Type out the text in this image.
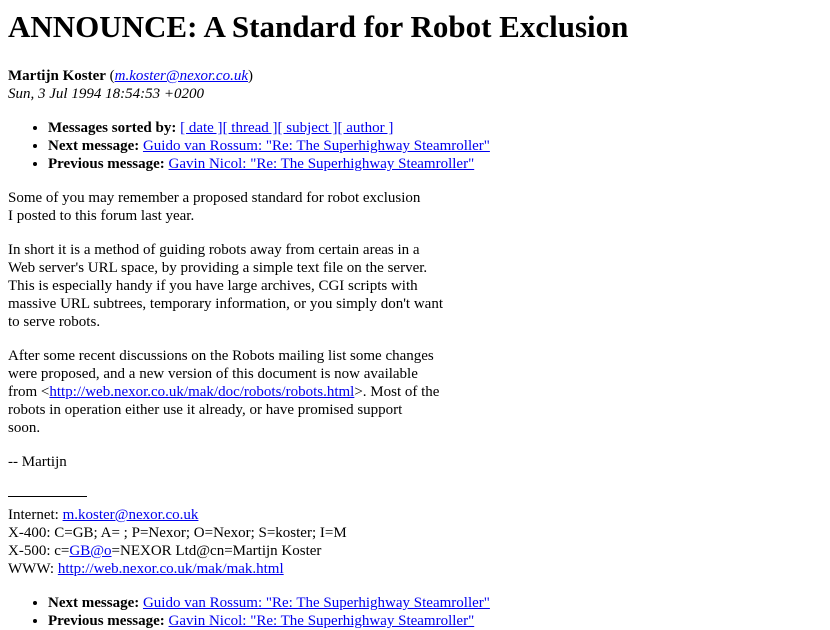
ANNOUNCE: A Standard for Robot Exclusion
Martijn Koster (m.koster@nexor.co.uk)
Sun, 3 Jul 1994 18:54:53 +0200
• Messages sorted by: [ date ][ thread ][ subject ][ author ]
• Next message: Guido van Rossum: "Re: The Superhighway Steamroller"
• Previous message: Gavin Nicol: "Re: The Superhighway Steamroller"

Some of you may remember a proposed standard for robot exclusion
I posted to this forum last year.

In short it is a method of guiding robots away from certain areas in a
Web server's URL space, by providing a simple text file on the server.
This is especially handy if you have large archives, CGI scripts with
massive URL subtrees, temporary information, or you simply don't want
to serve robots.

After some recent discussions on the Robots mailing list some changes
were proposed, and a new version of this document is now available
from <http://web.nexor.co.uk/mak/doc/robots/robots.html>. Most of the
robots in operation either use it already, or have promised support
soon.

-- Martijn

Internet: m.koster@nexor.co.uk
X-400: C=GB; A= ; P=Nexor; O=Nexor; S=koster; I=M
X-500: c=GB@o=NEXOR Ltd@cn=Martijn Koster
WWW: http://web.nexor.co.uk/mak/mak.html
• Next message: Guido van Rossum: "Re: The Superhighway Steamroller"
• Previous message: Gavin Nicol: "Re: The Superhighway Steamroller"
